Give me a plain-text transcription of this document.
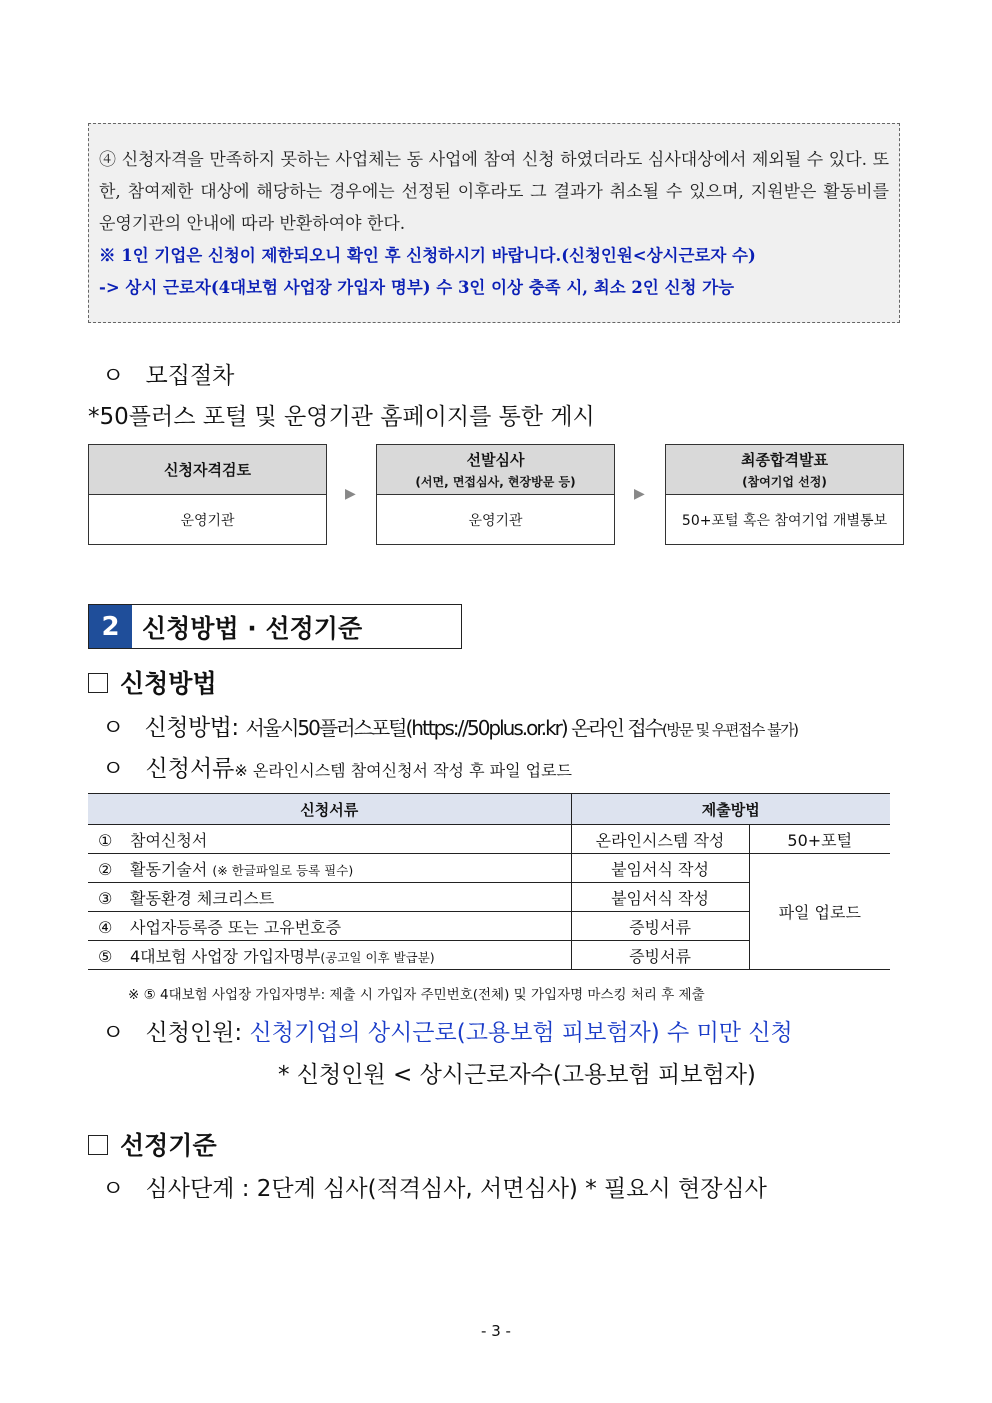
④ 신청자격을 만족하지 못하는 사업체는 동 사업에 참여 신청 하였더라도 심사대상에서 제외될 수 있다. 또한, 참여제한 대상에 해당하는 경우에는 선정된 이후라도 그 결과가 취소될 수 있으며, 지원받은 활동비를 운영기관의 안내에 따라 반환하여야 한다.

※ 1인 기업은 신청이 제한되오니 확인 후 신청하시기 바랍니다.(신청인원<상시근로자 수)

-> 상시 근로자(4대보험 사업장 가입자 명부) 수 3인 이상 충족 시, 최소 2인 신청 가능

ㅇ 모집절차
*50플러스 포털 및 운영기관 홈페이지를 통한 게시
신청자격검토
운영기관
▶
선발심사
(서면, 면접심사, 현장방문 등)
운영기관
▶
최종합격발표
(참여기업 선정)
50+포털 혹은 참여기업 개별통보
2 신청방법 · 선정기준
신청방법
ㅇ 신청방법: 서울시50플러스포털(https://50plus.or.kr) 온라인 접수(방문 및 우편접수 불가)
ㅇ 신청서류※ 온라인시스템 참여신청서 작성 후 파일 업로드
신청서류	제출방법	
① 참여신청서	온라인시스템 작성	50+포털
② 활동기술서 (※ 한글파일로 등록 필수)	붙임서식 작성	파일 업로드
③ 활동환경 체크리스트	붙임서식 작성	
④ 사업자등록증 또는 고유번호증	증빙서류	
⑤ 4대보험 사업장 가입자명부(공고일 이후 발급분)	증빙서류	
※ ⑤ 4대보험 사업장 가입자명부: 제출 시 가입자 주민번호(전체) 및 가입자명 마스킹 처리 후 제출
ㅇ 신청인원: 신청기업의 상시근로(고용보험 피보험자) 수 미만 신청
* 신청인원 < 상시근로자수(고용보험 피보험자)
선정기준
ㅇ 심사단계 : 2단계 심사(적격심사, 서면심사) * 필요시 현장심사
- 3 -
